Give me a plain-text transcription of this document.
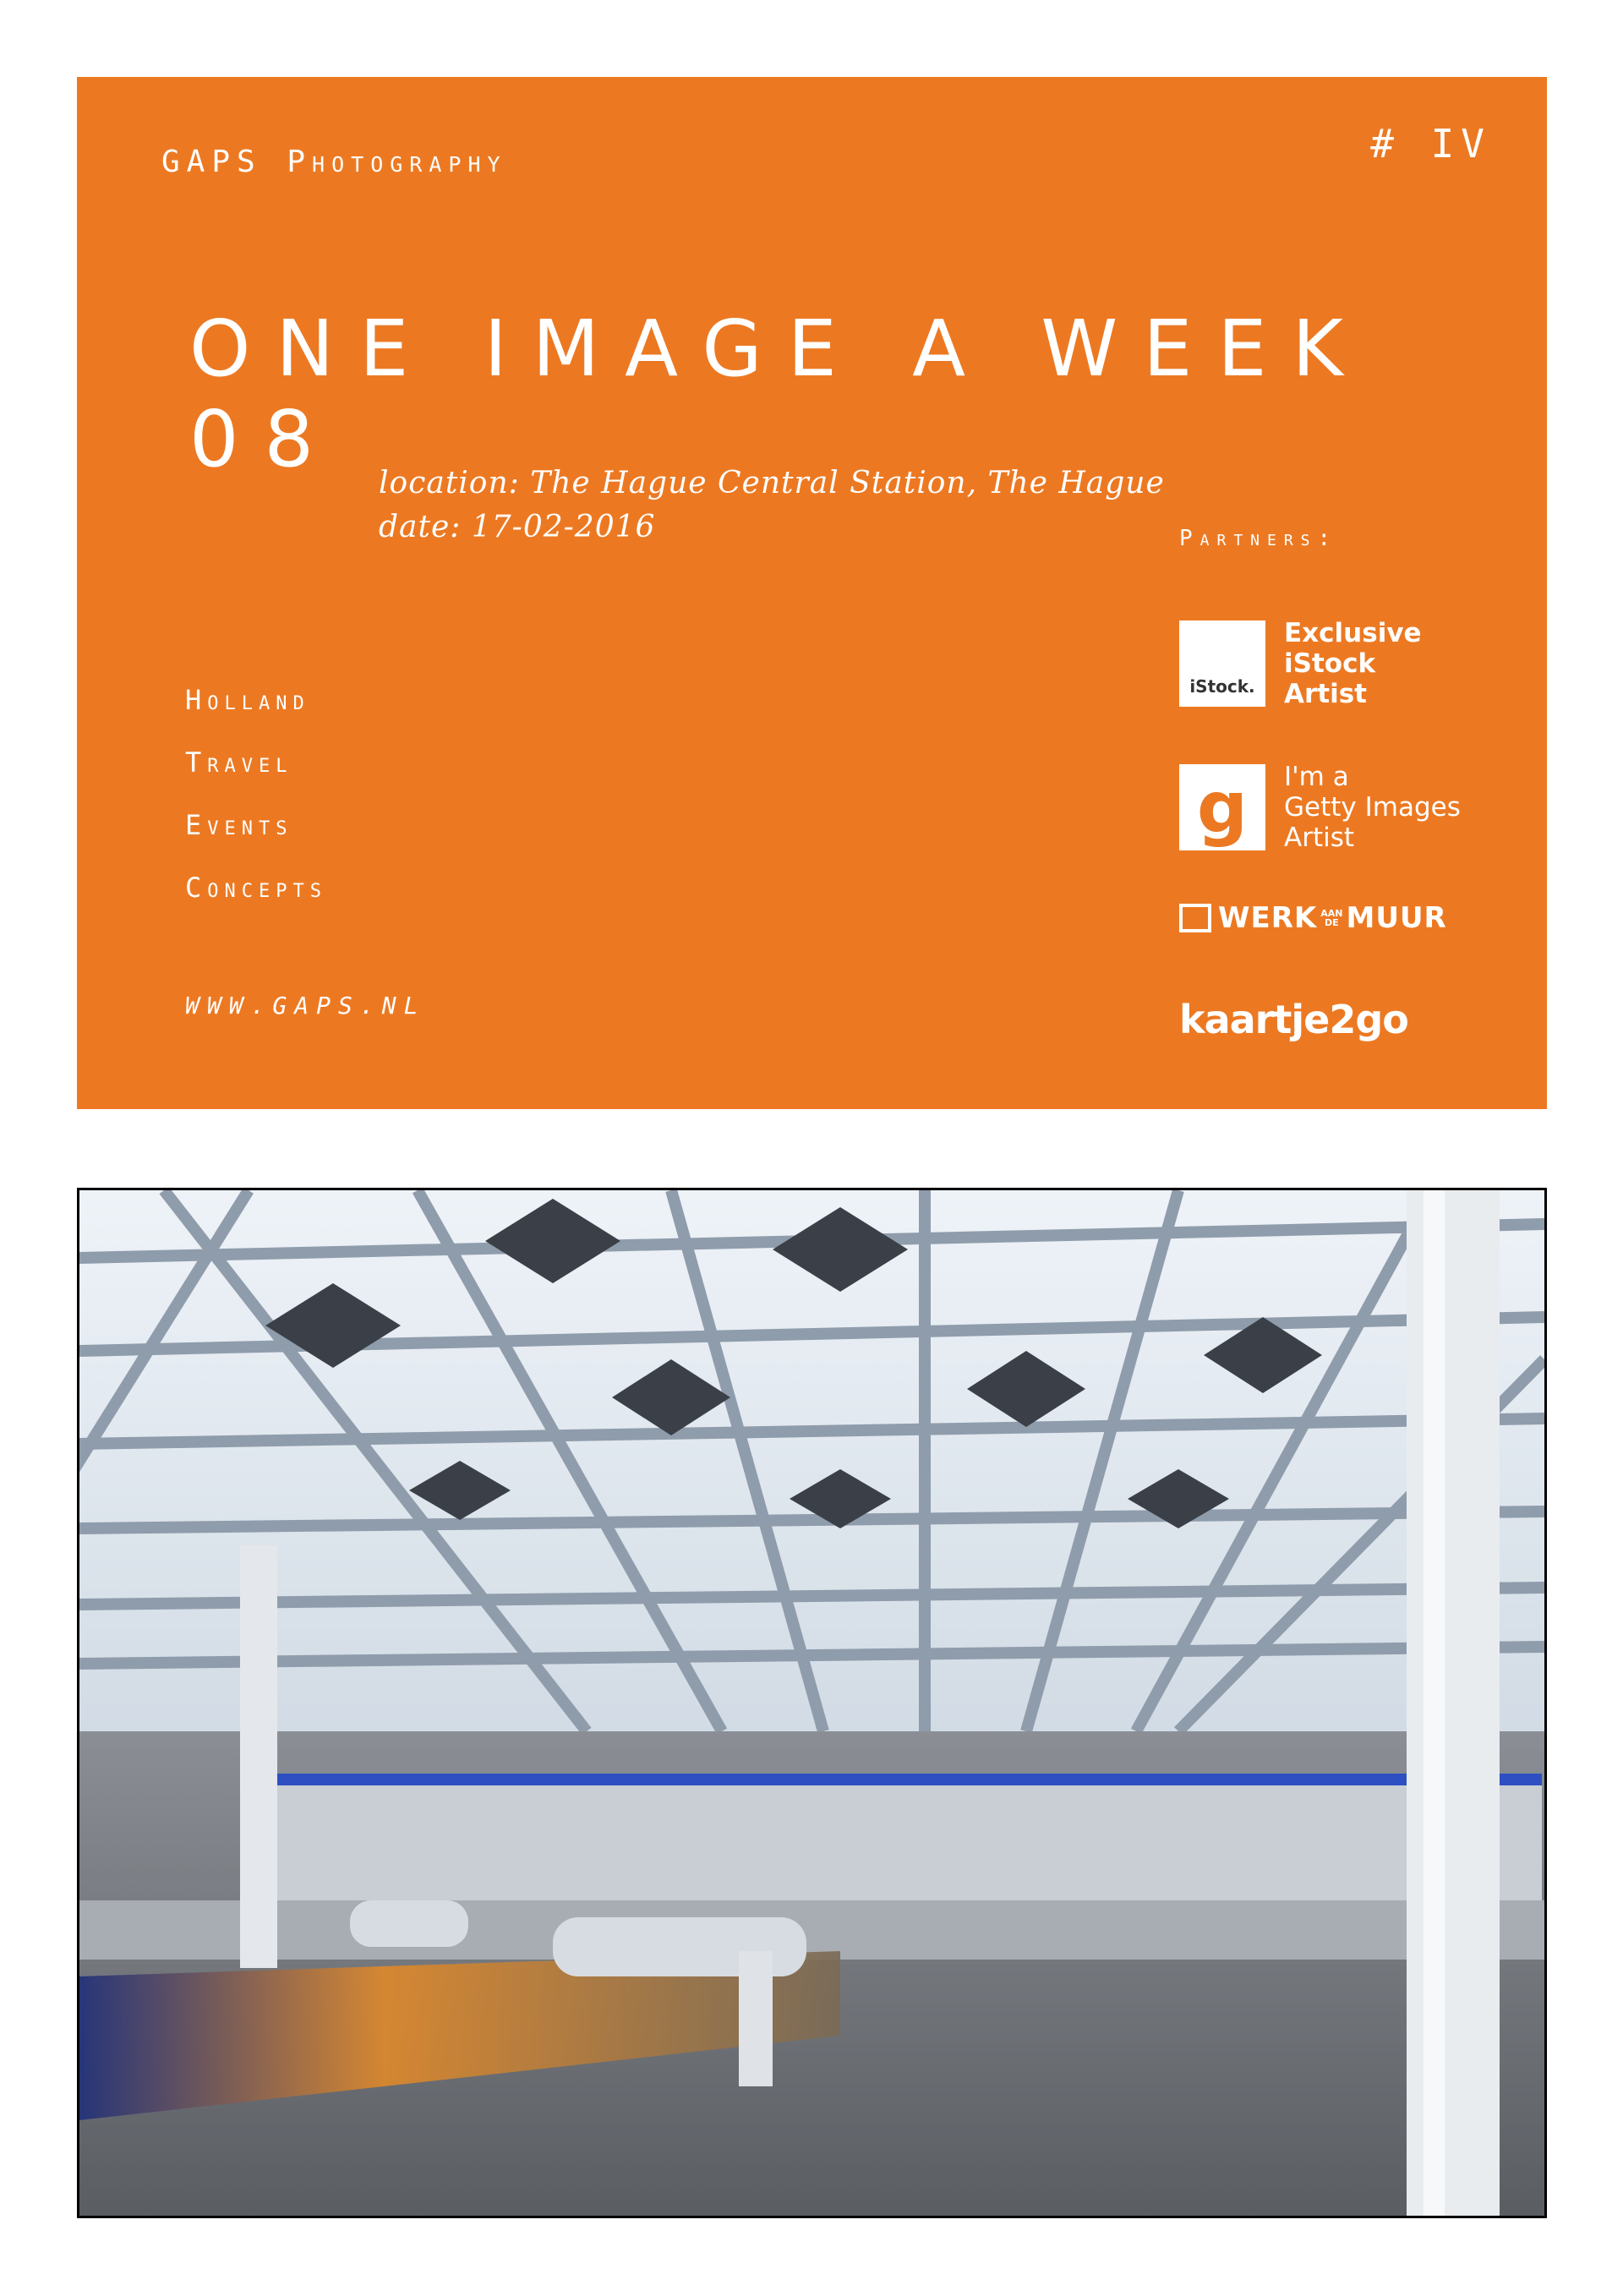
GAPS Photography	# IV
ONE IMAGE A WEEK 08	location: The Hague Central Station, The Hague
date: 17-02-2016
Holland
Travel
Events
Concepts
WWW.GAPS.NL
Partners:
iStock.
Exclusive
iStock
Artist
g	I'm a
Getty Images
Artist
WERK AAN
DE MUUR
kaartje2go
